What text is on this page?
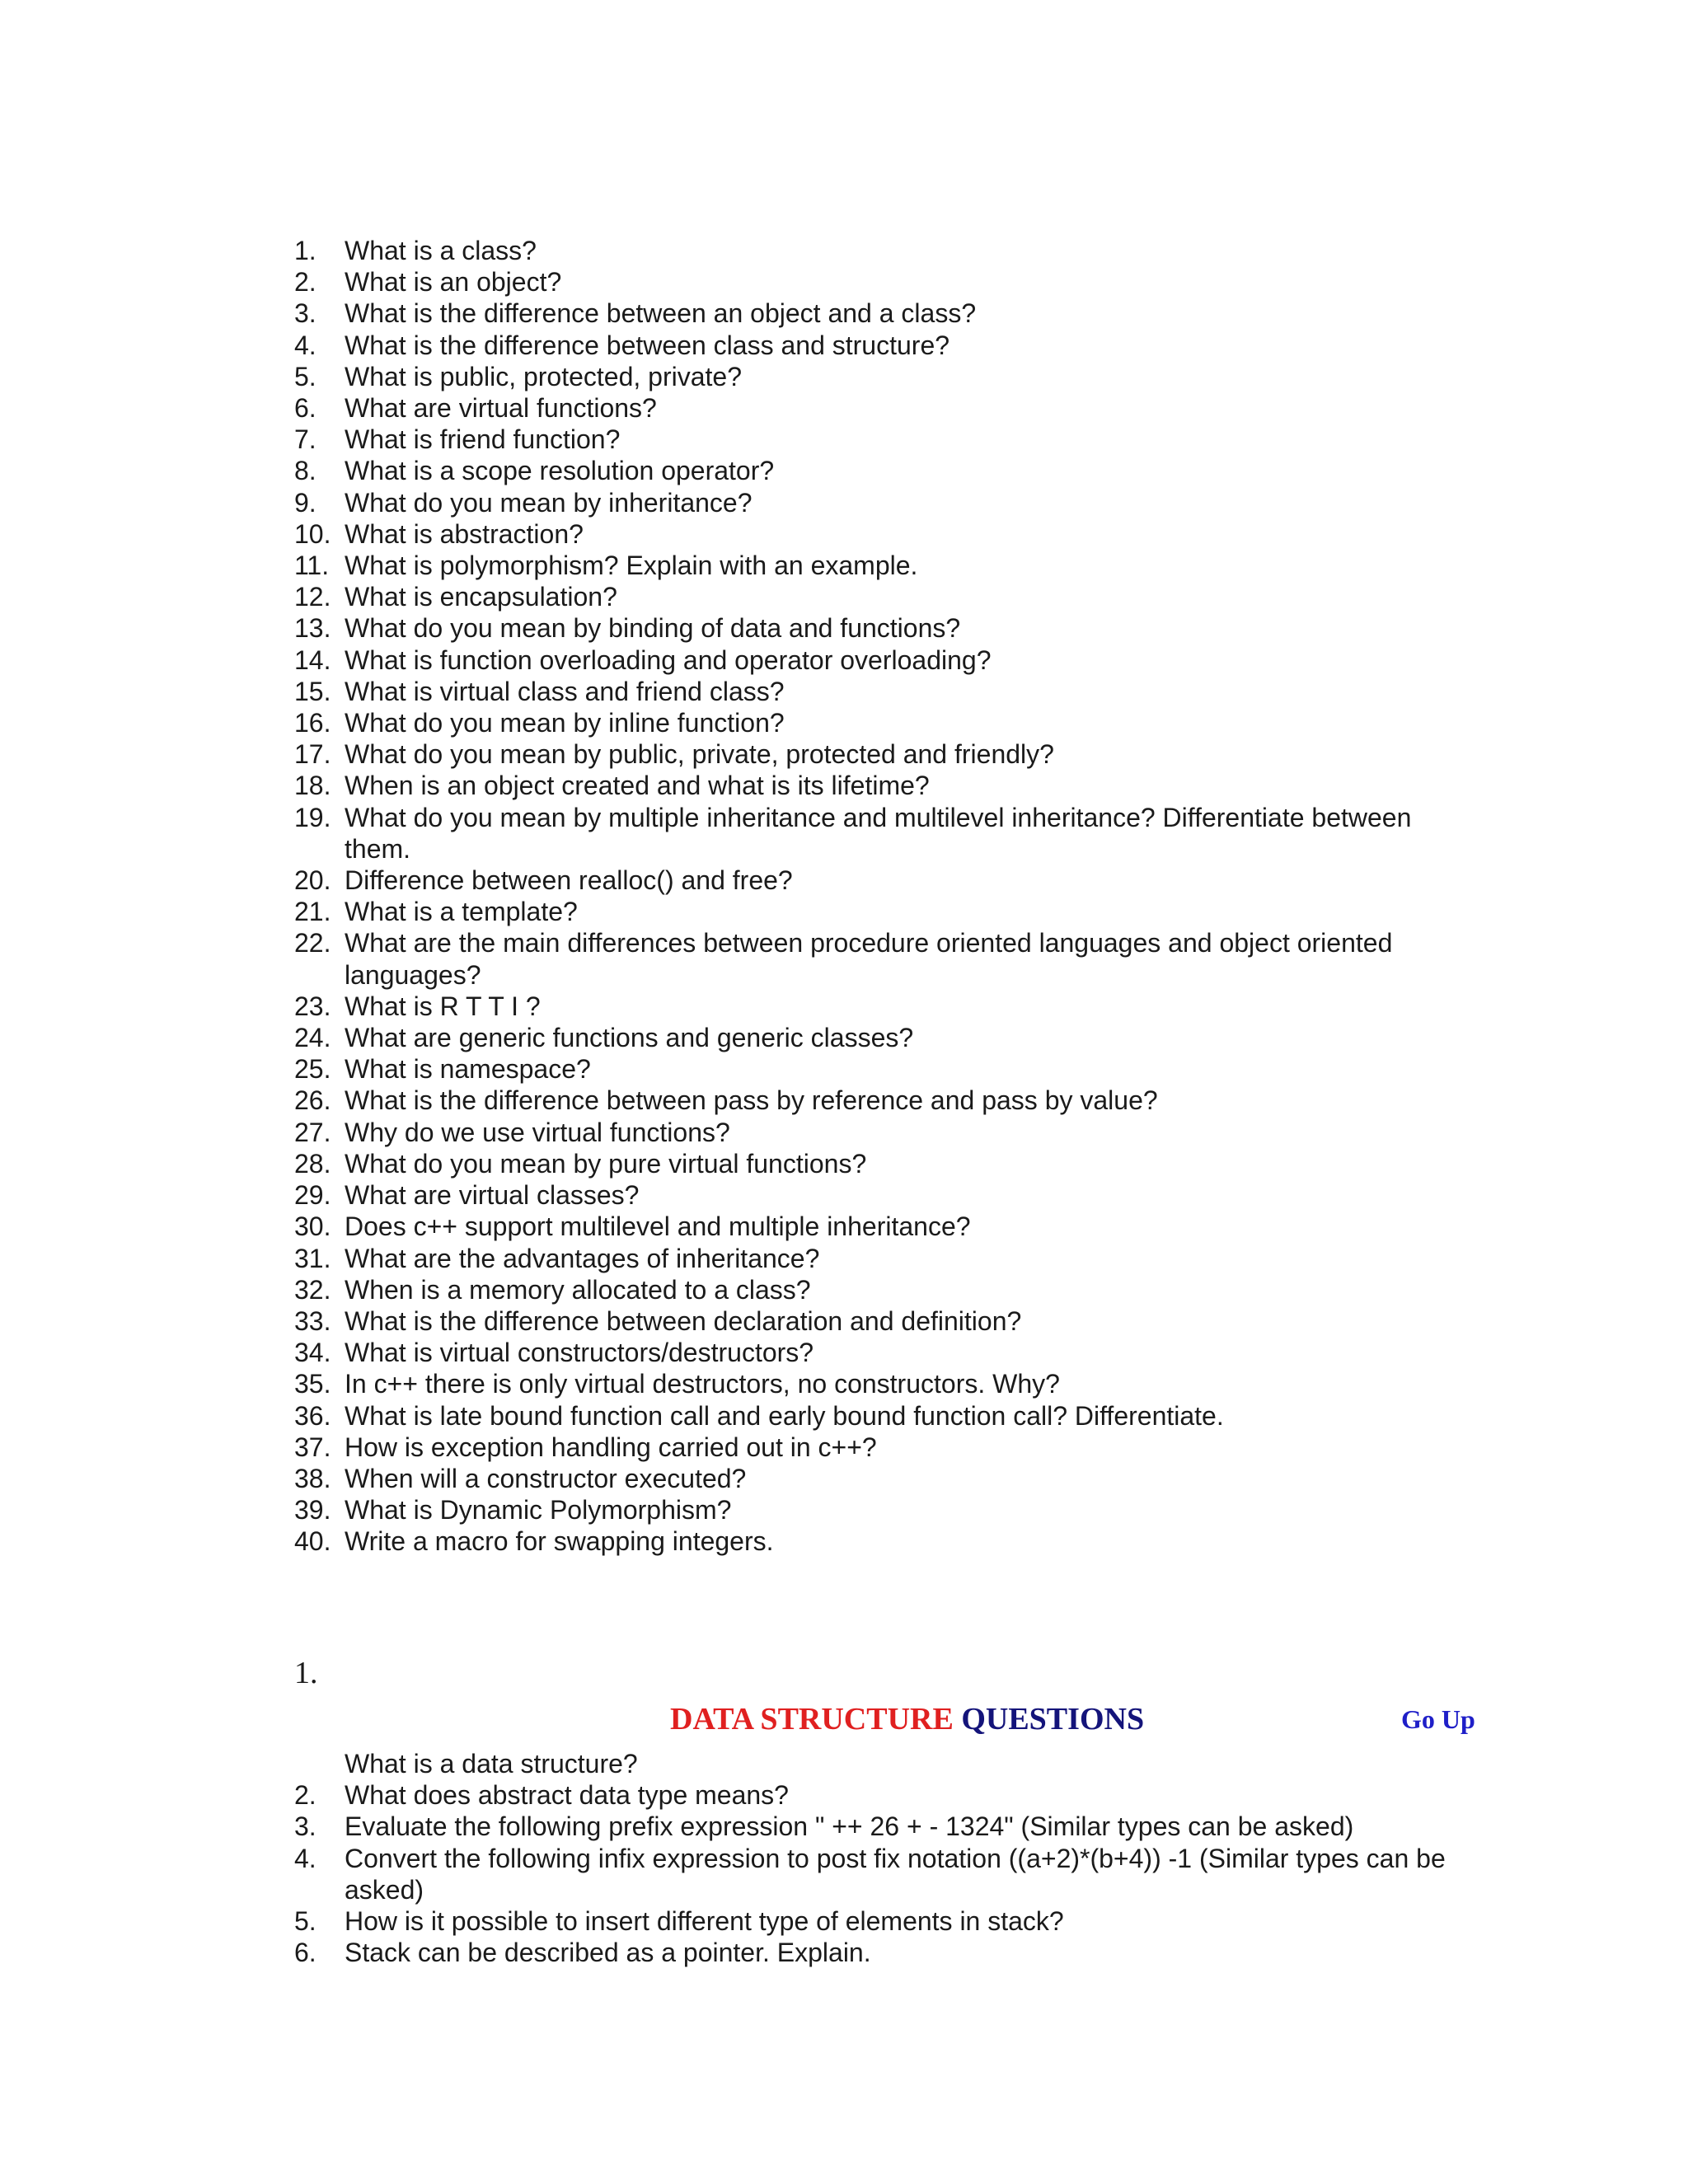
1.	What is a class?
2.	What is an object?
3.	What is the difference between an object and a class?
4.	What is the difference between class and structure?
5.	What is public, protected, private?
6.	What are virtual functions?
7.	What is friend function?
8.	What is a scope resolution operator?
9.	What do you mean by inheritance?
10. What is abstraction?
11. What is polymorphism? Explain with an example.
12. What is encapsulation?
13. What do you mean by binding of data and functions?
14. What is function overloading and operator overloading?
15. What is virtual class and friend class?
16. What do you mean by inline function?
17. What do you mean by public, private, protected and friendly?
18. When is an object created and what is its lifetime?
19. What do you mean by multiple inheritance and multilevel inheritance? Differentiate between them.
20. Difference between realloc() and free?
21. What is a template?
22. What are the main differences between procedure oriented languages and object oriented languages?
23. What is R T T I ?
24. What are generic functions and generic classes?
25. What is namespace?
26. What is the difference between pass by reference and pass by value?
27. Why do we use virtual functions?
28. What do you mean by pure virtual functions?
29. What are virtual classes?
30. Does c++ support multilevel and multiple inheritance?
31. What are the advantages of inheritance?
32. When is a memory allocated to a class?
33. What is the difference between declaration and definition?
34. What is virtual constructors/destructors?
35. In c++ there is only virtual destructors, no constructors. Why?
36. What is late bound function call and early bound function call? Differentiate.
37. How is exception handling carried out in c++?
38. When will a constructor executed?
39. What is Dynamic Polymorphism?
40. Write a macro for swapping integers.
1.
DATA STRUCTURE QUESTIONS	Go Up
What is a data structure?
2.	What does abstract data type means?
3.	Evaluate the following prefix expression " ++ 26 + - 1324" (Similar types can be asked)
4.	Convert the following infix expression to post fix notation ((a+2)*(b+4)) -1 (Similar types can be asked)
5.	How is it possible to insert different type of elements in stack?
6.	Stack can be described as a pointer. Explain.
